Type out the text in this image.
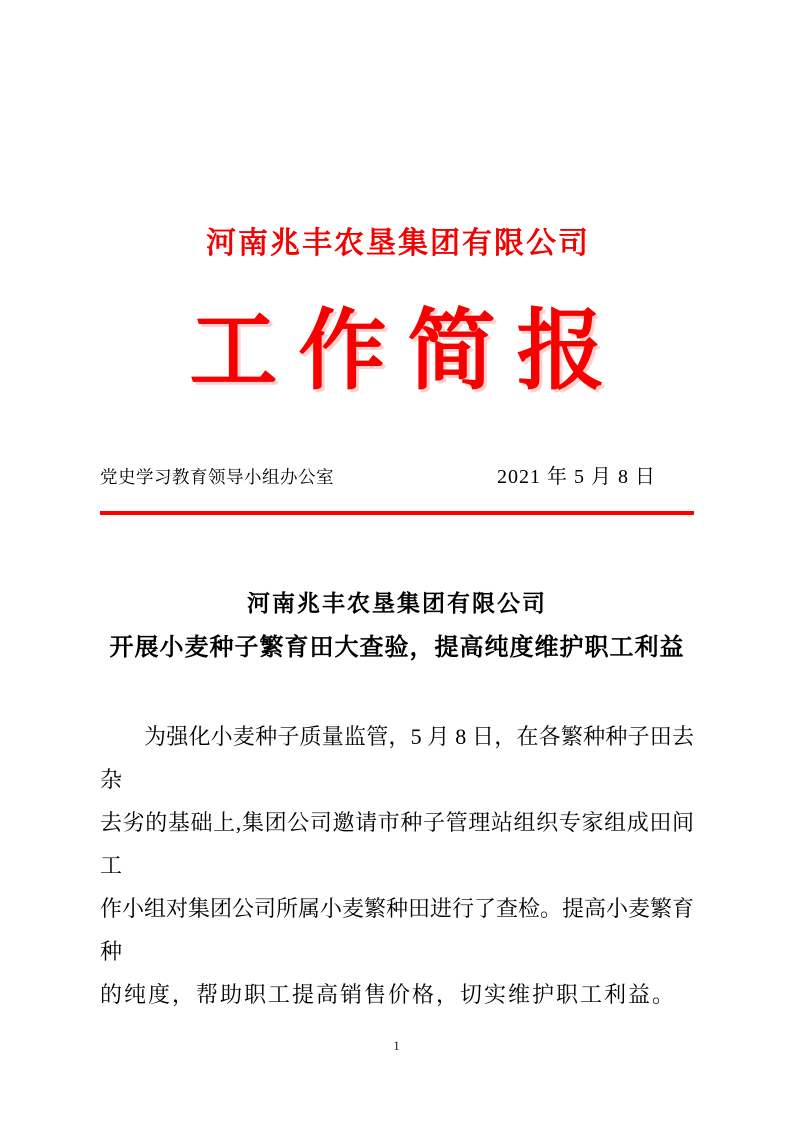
河南兆丰农垦集团有限公司
工作简报
党史学习教育领导小组办公室	2021 年 5 月 8 日
河南兆丰农垦集团有限公司
开展小麦种子繁育田大查验，提高纯度维护职工利益
为强化小麦种子质量监管，5 月 8 日，在各繁种种子田去杂
去劣的基础上,集团公司邀请市种子管理站组织专家组成田间工
作小组对集团公司所属小麦繁种田进行了查检。提高小麦繁育种
的纯度，帮助职工提高销售价格，切实维护职工利益。
1
